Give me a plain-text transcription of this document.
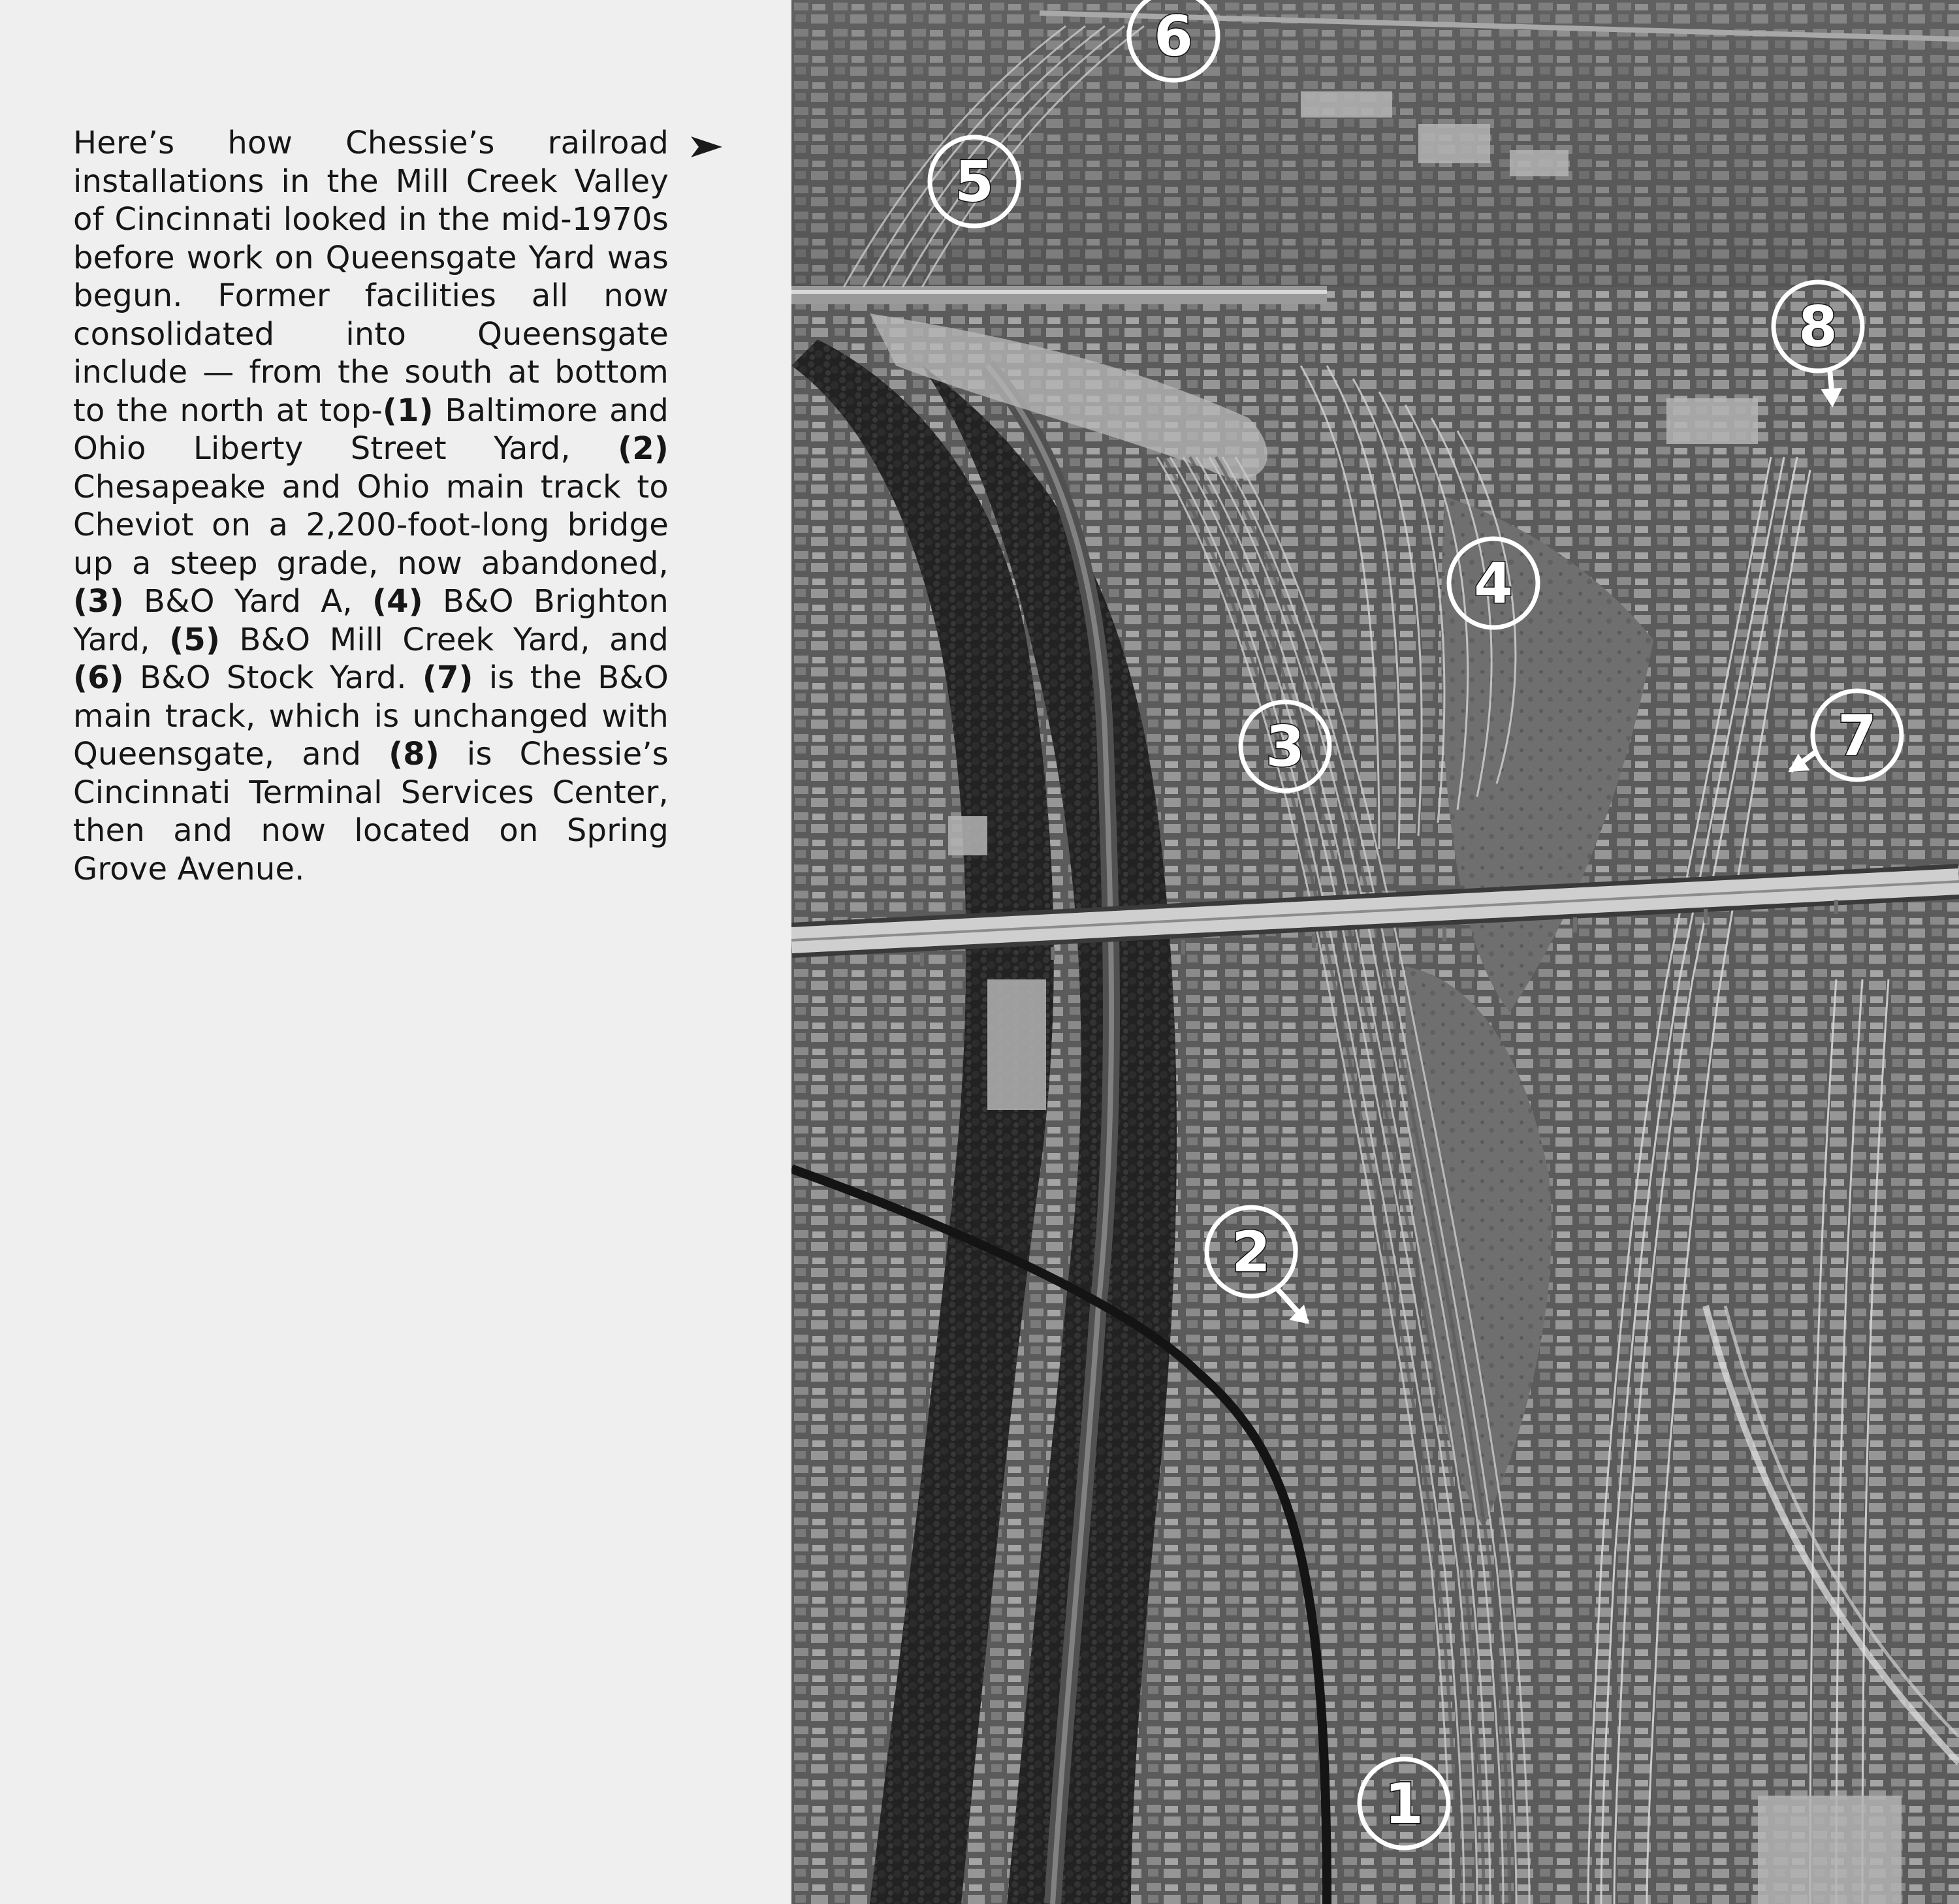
Here’s how Chessie’s railroad installations in the Mill Creek Valley of Cincinnati looked in the mid-1970s before work on Queensgate Yard was begun. Former facilities all now consolidated into Queensgate include — from the south at bottom to the north at top-(1) Baltimore and Ohio Liberty Street Yard, (2) Chesapeake and Ohio main track to Cheviot on a 2,200-foot-long bridge up a steep grade, now abandoned, (3) B&O Yard A, (4) B&O Brighton Yard, (5) B&O Mill Creek Yard, and (6) B&O Stock Yard. (7) is the B&O main track, which is unchanged with Queensgate, and (8) is Chessie’s Cincinnati Terminal Services Center, then and now located on Spring Grove Avenue.

1
2
3
4
5
6
7
8
